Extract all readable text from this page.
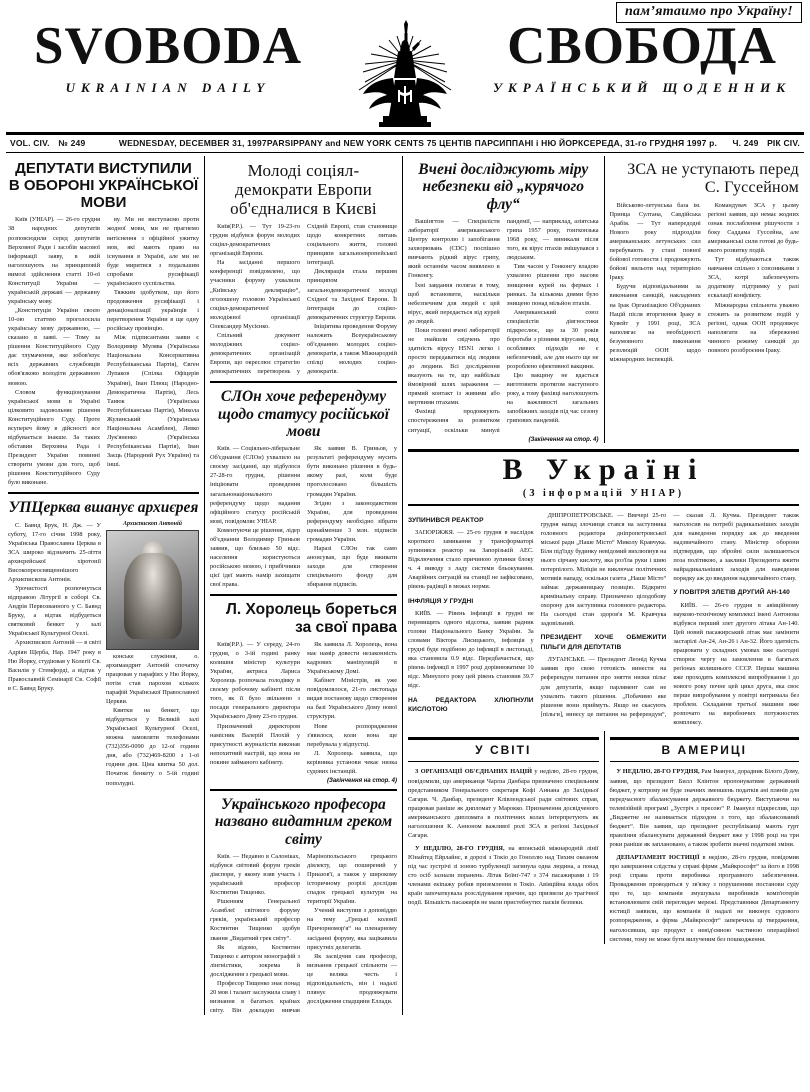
пам’ятаимо про Україну!
SVOBODA
UKRAINIAN DAILY
СВОБОДА
УКРАЇНСЬКИЙ ЩОДЕННИК
VOL. CIV.	№ 249	WEDNESDAY, DECEMBER 31, 1997 PARSIPPANY and NEW YORK CENTS 75 ЦЕНТІВ ПАРСИППАНІ і НЮ ЙОРК СЕРЕДА, 31-го ГРУДНЯ 1997 р.	Ч. 249	РІК CIV.
ДЕПУТАТИ ВИСТУПИЛИ В ОБОРОНІ УКРАЇНСЬКОЇ МОВИ

Київ (УНІАР). — 26-го грудня 38 народних депутатів розповсюдили серед депутатів Верховної Ради і засобів масової інформації заяву, в якій наголошують на принциповій вимозі здійснення статті 10-ої Конституції України — українській державі — державну українську мову.

„Конституція України своєю 10-ою статтею проголосила українську мову державною, — сказано в заяві. — Тому за рішення Конституційного Суду дає тлумачення, яке зобов'язує всіх державних службовців обов'язково володіти державною мовою.

Словом функціонування української мови в Україні цілковито задовольняє рішення Конституційного Суду. Проте всупереч йому в дійсності все відбувається інакше. За таких обставин Верховна Рада і Президент України повинні створити умови для того, щоб рішення Конституційного Суду було виконане.

ву. Ми не виступаємо проти жодної мови, ми не прагнемо витіснення з офіційної ужитку мов, які мають право на існування в Україні, але ми не буде миритися з подальшим спробами русифікації українського суспільства.

Тяжким здобутком, що його продовження русифікації і денаціоналізації українців і перетворення України в ще одну російську провінцію.

Між підписантами заяви є Володимир Мулява (Українська Національна Консервативна Республіканська Партія), Євген Лупаков (Спілка Офіцерів України), Іван Плющ (Народно-Демократична Партія), Лесь Танюк (Українська Республіканська Партія), Микола Жулинський (Українська Національна Асамблея), Левко Лук'яненко (Українська Республіканська Партія), Іван Заєць (Народний Рух України) та інші.

УПЦерква вшанує архиєрея

С. Бавнд Брук, Н. Дж. — У суботу, 17-го січня 1998 року, Українська Православна Церква в ЗСА широко відзначить 25-ліття архиєрейської хіротонії Високопреосвященнішого Архиєпископа Антонія.

Урочистості розпочнуться відправою Літургії в соборі Св. Андрія Первозванного у С. Бавнд Бруку, а відтак відбудеться святковий бенкет у залі Української Культурної Оселі.

Архиєпископ Антоній — в світі Адріян Щерба, Нар. 1947 року в Ню Йорку, студіював у Колегії Св. Василія у Стемфорді, а відтак у Православній Семінарії Св. Софії в С. Бавнд Бруку.

Архиєпископ Антоній

конське служіння, о. архимандрит Антоній спочатку працював у парафіях у Ню Йорку, потім став парохом кількох парафій Української Православної Церкви.

Квитки на бенкет, що відбудеться у Великій залі Української Культурної Оселі, можна замовляти телефонами (732)356-0090 до 12-ої години дня, або (732)469-8200 з 1-ої години дня. Ціна квитка 50 дол. Початок бенкету о 5-ій годині пополудні.

Молоді соціял-демократи Европи об'єдналися в Києві

Київ(Р.Р.). — Тут 19-23-го грудня відбувся форум молодих соціял-демократичних організацій Европи.

На засіданні першого конференції повідомлено, що учасники форуму ухвалили „Київську деклярацію“, оголошену головою Української соціял-демократичної молодіжної організації Олександер Мусієнко.

Спільний документ молодіжних соціял-демократичних організацій Европи, що окреслює стратегію демократичних перетворень у Східній Европі, став становище щодо конкретних питань соціяльного життя, головні принципи загальноевропейської інтеграції.

Деклярація стала першим принципом загальнодемократичної молоді Східної та Західної Европи. Її інтеграція до соціял-демократичних структур Европи.

Ініціятива проведення Форуму належить Всеукраїнському об'єднанню молодих соціял-демократів, а також Міжнародній спілці молодих соціял-демократів.

СЛОн хоче референдуму щодо статусу російської мови

Київ. — Соціяльно-ліберальне Об'єднання (СЛОн) ухвалило на своєму засіданні, що відбулося 27-28-го грудня, рішення ініціювати проведення загальнонаціонального референдуму щодо надання офіційного статусу російській мові, повідомляє УНІАР.

Коментуючи це рішення, лідер об'єднання Володимир Гриньов заявив, що близько 50 відс. населення користуються російською мовою, і прибічники цієї ідеї мають намір захищати свої права.

Як заявив В. Гриньов, у результаті референдуму мусить бути виконано рішення в будь-якому разі, коли буде проголосовано більшість громадян України.

Згідно з законодавством України, для проведення референдуму необхідно зібрати щонайменше 3 млн. підписів громадян України.

Наразі СЛОн так само анонсував, що буде вживати заходи для створення спеціяльного фонду для збирання підписів.

Л. Хоролець бореться за свої права

Київ(Р.Р.). — У середу, 24-го грудня, о 3-ій годині ранку колишня міністер культури України, актриса Лариса Хоролець розпочала голодівку в своєму робочому кабінеті після того, як її було звільнено з посади генерального директора Українського Дому 23-го грудня.

Призначений директором намісник Валерій Плохій у присутності журналістів виконав непохитний настрій, що вона не покине займаного кабінету.

Як заявила Л. Хоролець, вона має намір довести незаконність кадрових маніпуляцій в Українському Домі.

Кабінет Міністрів, як уже повідомлялося, 21-го листопада видав постанову щодо створення на базі Українського Дому нової структури.

Нове розпорядження з'явилося, коли вона ще перебувала у відпустці.

Л. Хоролець заявила, що керівника установи чекає низка судових інстанцій.

(Закінчення на стор. 4)
Українського професора названо видатним греком світу

Київ. — Недавно в Салоніках, відбувся світовий форум греків діяспори, у якому взяв участь і український професор Костянтин Тищенко.

Рішенням Генеральної Асамблеї світового форуму греків, український професор Костянтин Тищенко здобув звання „Видатний грек світу“.

Як відомо, Костянтин Тищенко є автором монографій з лінгвістики, зокрема й дослідження з грецької мови.

Професор Тищенко знає понад 20 мов і талант заслужила славу і визнання в багатьох країнах світу. Він докладно вивчав Марінопольського грецького діялекту, що поширений у Приазов'ї, а також у широкому історичному розрізі дослідив спадок грецької культури на території України.

Учений виступив з доповіддю на тему „Грецькі колонії Причорномор'я“ на пленарному засіданні форуму, яка зацікавила присутніх делегатів.

Як засвідчив сам професор, визнання грецької спільноти — це велика честь і відповідальність, він і надалі плянує продовжувати дослідження спадщини Еллади.

Вчені досліджують міру небезпеки від „курячого флу“

Вашінгтон — Спеціялісти лябораторії американського Центру контролю і запобігання захворювань (CDC) поспішно вивчають рідкий вірус грипу, який останнім часом виявлено в Гонконгу.

Їхні завдання полягає в тому, щоб встановити, наскільки небезпечним для людей є цей вірус, який передається від курей до людей.

Поки головні вчені лябораторії не знайшли свідчень про здатність вірусу H5N1 легко і просто передаватися від людини до людини. Всі дослідження вказують на те, що найбільш ймовірний шлях зараження — прямий контакт із живими або мертвими птахами.

Фахівці продовжують спостереження за розвитком ситуації, оскільки минулі пандемії, — наприклад, азіятська грипа 1957 року, гонгконзька 1968 року, — виникали після того, як вірус птахів змішувався з людським.

Тим часом у Гонконгу владою ухвалено рішення про масове знищення курей на фермах і ринках. За кількома днями було знищено понад мільйон птахів.

Американський союз спеціялістів діягностики підкреслює, що за 30 років боротьби з різними вірусами, вид особливих підходів не є небезпечний, але для нього ще не розроблено ефективної вакцини.

Цю вакцину не вдасться виготовити протягом наступного року, а тому фахівці наголошують на важливості загальних запобіжних заходів під час сезону грипових пандемій.

(Закінчення на стор. 4)
ЗСА не уступають перед С. Гуссейном

Військово-летунська база ім. Принца Султана, Савдійська Арабія. — Тут напередодні Нового року підрозділи американських летунських сил перебувають у стані повної бойової готовости і продовжують бойові вильоти над територією Іраку.

Будучи відповідальними за виконання санкцій, накладених на Ірак Організацією Об'єднаних Націй після вторгнення Іраку в Кувейт у 1991 році, ЗСА наполягає на необхідності безумовного виконання резолюцій ООН щодо міжнародних інспекцій.

Командувач ЗСА у цьому регіоні заявив, що немає жодних ознак послаблення рішучости з боку Саддама Гуссейна, але американські сили готові до будь-якого розвитку подій.

Тут відбуваються також навчання спільно з союзниками з ЗСА, котрі забезпечують додаткову підтримку у разі ескалації конфлікту.

Міжнародна спільнота уважно стежить за розвитком подій у регіоні, однак ООН продовжує наполягати на збереженні чинного режиму санкцій до повного роззброєння Іраку.

В Україні
(З інформацій УНІАР)
ЗУПИНИВСЯ РЕАКТОР

ЗАПОРІЖЖЯ. — 25-го грудня в наслідок короткого замикання у трансформаторі зупинився реактор на Запорізькій АЕС. Відключення стало причиною зупинки блоку ч. 4 виводу з ладу системи бльокування. Аварійних ситуацій на станції не зафіксовано, рівень радіяції в межах норми.

ІНФЛЯЦІЯ У ГРУДНІ

КИЇВ. — Рівень інфляції в грудні не перевищить одного відсотка, заявив радник голови Національного Банку України. За словами Віктора Лисицького, інфляція у грудні буде подібною до інфляції в листопаді, яка становила 0.9 відс. Передбачається, що рівень інфляції в 1997 році дорівнюватиме 10 відс. Минулого року цей рівень становив 39.7 відс.

НА РЕДАКТОРА ХЛЮПНУЛИ КИСЛОТОЮ

ДНІПРОПЕТРОВСЬКЕ. — Ввечері 25-го грудня напад злочинця стався на заступника головного редактора дніпропетровської міської ради „Наше Місто“ Миколу Кравчука. Біля під'їзду будинку невідомий вихлюпнув на нього сірчану кислоту, яка роз'їла руки і шию потерпілого. Міліція не виключає політичних мотивів нападу, оскільки газета „Наше Місто“ займає державницьку позицію. Відкрито кримінальну справу. Призначено цілодобову охорону для заступника головного редактора. На сьогодні стан здоров'я М. Кравчука задовільний.

ПРЕЗИДЕНТ ХОЧЕ ОБМЕЖИТИ ПІЛЬГИ ДЛЯ ДЕПУТАТІВ

ЛУГАНСЬКЕ. — Президент Леонід Кучма заявив про свою готовість винести на референдум питання про зняття низки пільг для депутатів, якщо парлямент сам не ухвалить такого рішення. „Побачимо яке рішення вони приймуть. Якщо не скасують [пільги], винесу це питання на референдум“, — сказав Л. Кучма. Президент також наголосив на потребі радикальніших заходів для наведення порядку аж до введення надзвичайного стану. Міністер оборони підтвердив, що збройні сили залишаються поза політикою, а заклики Президента вжити найрадикальніших заходів для наведення порядку аж до введення надзвичайного стану.

У ПОВІТРЯ ЗЛЕТІВ ДРУГИЙ АН-140

КИЇВ. — 26-го грудня в авіяційному науково-технічному комплексі імені Антонова відбувся перший злет другого літака Ан-140. Цей новий пасажирський літак має замінити застарілі Ан-24, Ан-26 і Ан-32. Його здатність працювати у складних умовах вже сьогодні створює чергу на замовлення в багатьох реґіонах колишнього СССР. Перша машина вже проходить комплексні випробування і до нового року почне цей цикл друга, яка своє перше випробування у повітрі витримала без проблем. Складання третьої машини вже розпочато на виробничих потужностях комплексу.

У СВІТІ

З ОРГАНІЗАЦІЇ ОБ'ЄДНАНИХ НАЦІЙ у неділю, 28-го грудня, повідомили, що американця Чарлза Данбара призначено спеціяльним представником Генерального секретаря Кофі Аннана до Західньої Сагари. Ч. Данбар, президент Клівлендської ради світових справ, працював раніше як дипломат у Марокко. Призначення досвідченого американського дипломата в політичних колах інтерпретують як наголошення К. Анноном важливої ролі ЗСА в реґіоні Західньої Сагари.

У НЕДІЛЮ, 28-ГО ГРУДНЯ, на японській міжнародній лінії Юнайтед Ейрлайнс, в дорозі з Токіо до Гоноллю над Тихим океаном під час зустрічі зі зоною турбуленції загинула одна людина, а понад сто осіб зазнали поранень. Літак Боїнґ-747 з 374 пасажирами і 19 членами екіпажу робив приземлення в Токіо. Авіяційна влада обох країн започаткувала розслідування причин, що призвели до трагічної події. Більшість пасажирів не мали пристебнутих пасків безпеки.

В АМЕРИЦІ

У НЕДІЛЮ, 28-ГО ГРУДНЯ, Рам Імануел, дорадник Білого Дому, заявив, що президент Билл Клінтон пропонуватиме державний бюджет, у котрому не буде значних зменшень податків ані плянів для передчасного збалансування державного бюджету. Виступаючи на телевізійній програмі „Зустріч з пресою“ Р. Імануел підкреслив, що „Виджетне не називається підходом з того, що збалансований бюджет“. Він заявив, що президент республіканці мають гурт правління збалансувати державний бюджет вже у 1998 році на три роки раніше як заплановано, а також зробити значні податкові зміни.

ДЕПАРТАМЕНТ ЮСТИЦІЇ в неділю, 28-го грудня, повідомив про завершення слідства у справі фірми „Майкрософт“ за його в 1998 році справа проти виробника програмного забезпечення. Провадження проводиться у зв'язку з порушенням постанови суду про те, що компанія змушувала виробників комп'ютерів встановлювати свій переглядач мережі. Представники Департаменту юстиції заявили, що компанія й надалі не виконує судового розпорядження, а фірма „Майкрософт“ заперечила ці твердження, наголосивши, що продукт є невід'ємною частиною операційної системи, тому не може бути вилученим без пошкодження.
